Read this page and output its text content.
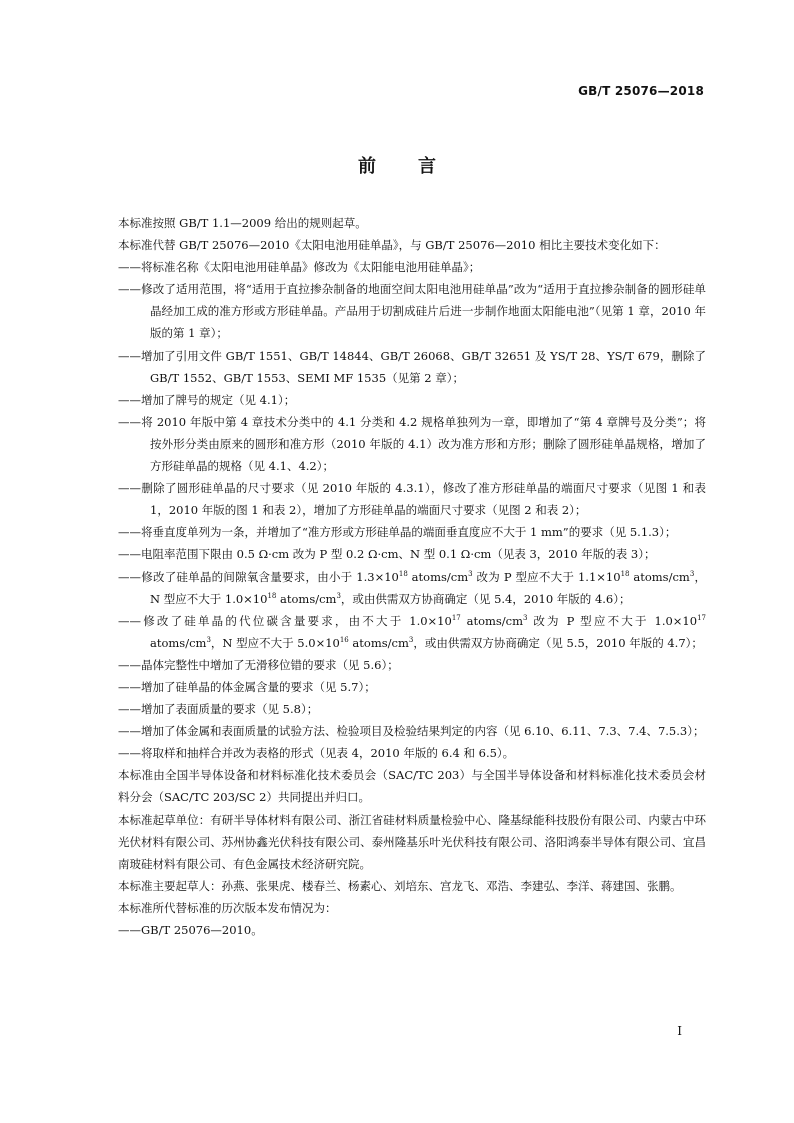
GB/T 25076—2018
前言

本标准按照 GB/T 1.1—2009 给出的规则起草。

本标准代替 GB/T 25076—2010《太阳电池用硅单晶》，与 GB/T 25076—2010 相比主要技术变化如下：

——将标准名称《太阳电池用硅单晶》修改为《太阳能电池用硅单晶》；

——修改了适用范围，将“适用于直拉掺杂制备的地面空间太阳电池用硅单晶”改为“适用于直拉掺杂制备的圆形硅单晶经加工成的准方形或方形硅单晶。产品用于切割成硅片后进一步制作地面太阳能电池”（见第 1 章，2010 年版的第 1 章）；

——增加了引用文件 GB/T 1551、GB/T 14844、GB/T 26068、GB/T 32651 及 YS/T 28、YS/T 679，删除了 GB/T 1552、GB/T 1553、SEMI MF 1535（见第 2 章）；

——增加了牌号的规定（见 4.1）；

——将 2010 年版中第 4 章技术分类中的 4.1 分类和 4.2 规格单独列为一章，即增加了“第 4 章牌号及分类”；将按外形分类由原来的圆形和准方形（2010 年版的 4.1）改为准方形和方形；删除了圆形硅单晶规格，增加了方形硅单晶的规格（见 4.1、4.2）；

——删除了圆形硅单晶的尺寸要求（见 2010 年版的 4.3.1），修改了准方形硅单晶的端面尺寸要求（见图 1 和表 1，2010 年版的图 1 和表 2），增加了方形硅单晶的端面尺寸要求（见图 2 和表 2）；

——将垂直度单列为一条，并增加了“准方形或方形硅单晶的端面垂直度应不大于 1 mm”的要求（见 5.1.3）；

——电阻率范围下限由 0.5 Ω·cm 改为 P 型 0.2 Ω·cm、N 型 0.1 Ω·cm（见表 3，2010 年版的表 3）；

——修改了硅单晶的间隙氧含量要求，由小于 $1.3\times 10^{18}$ atoms/$cm^3$ 改为 P 型应不大于 $1.1\times 10^{18}$ atoms/$cm^3$，N 型应不大于 $1.0\times 10^{18}$ atoms/$cm^3$，或由供需双方协商确定（见 5.4，2010 年版的 4.6）；

——修改了硅单晶的代位碳含量要求，由不大于 $1.0\times 10^{17}$ atoms/$cm^3$ 改为 P 型应不大于 $1.0\times 10^{17}$ atoms/$cm^3$，N 型应不大于 $5.0\times 10^{16}$ atoms/$cm^3$，或由供需双方协商确定（见 5.5，2010 年版的 4.7）；

——晶体完整性中增加了无滑移位错的要求（见 5.6）；

——增加了硅单晶的体金属含量的要求（见 5.7）；

——增加了表面质量的要求（见 5.8）；

——增加了体金属和表面质量的试验方法、检验项目及检验结果判定的内容（见 6.10、6.11、7.3、7.4、7.5.3）；

——将取样和抽样合并改为表格的形式（见表 4，2010 年版的 6.4 和 6.5）。

本标准由全国半导体设备和材料标准化技术委员会（SAC/TC 203）与全国半导体设备和材料标准化技术委员会材料分会（SAC/TC 203/SC 2）共同提出并归口。

本标准起草单位：有研半导体材料有限公司、浙江省硅材料质量检验中心、隆基绿能科技股份有限公司、内蒙古中环光伏材料有限公司、苏州协鑫光伏科技有限公司、泰州隆基乐叶光伏科技有限公司、洛阳鸿泰半导体有限公司、宜昌南玻硅材料有限公司、有色金属技术经济研究院。

本标准主要起草人：孙燕、张果虎、楼春兰、杨素心、刘培东、宫龙飞、邓浩、李建弘、李洋、蒋建国、张鹏。

本标准所代替标准的历次版本发布情况为：

——GB/T 25076—2010。

I
